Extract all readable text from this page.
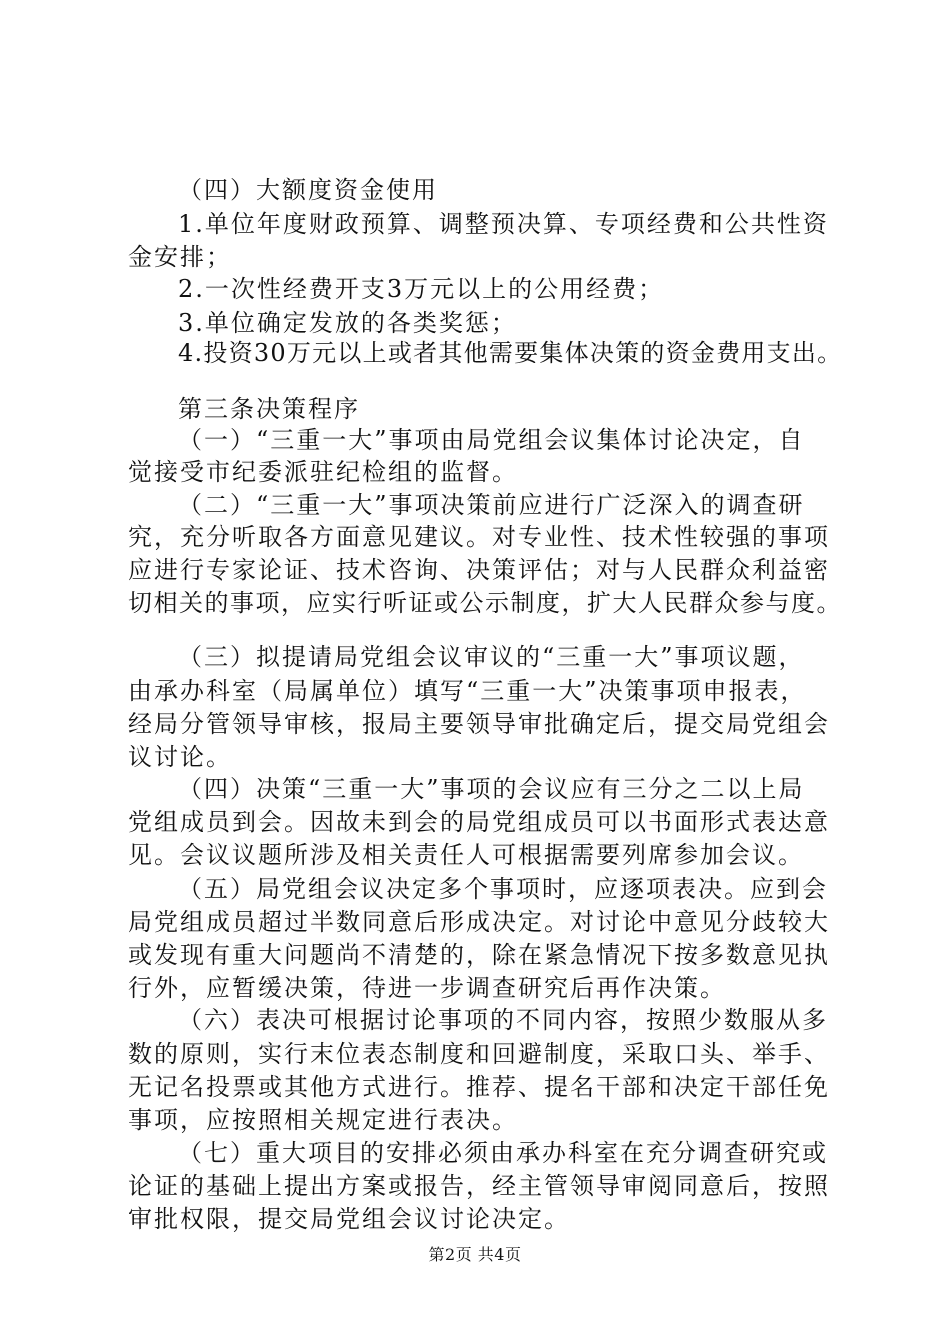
（四）大额度资金使用
1.单位年度财政预算、调整预决算、专项经费和公共性资
金安排；
2.一次性经费开支3万元以上的公用经费；
3.单位确定发放的各类奖惩；
4.投资30万元以上或者其他需要集体决策的资金费用支出。
第三条决策程序
（一）“三重一大”事项由局党组会议集体讨论决定，自
觉接受市纪委派驻纪检组的监督。
（二）“三重一大”事项决策前应进行广泛深入的调查研
究，充分听取各方面意见建议。对专业性、技术性较强的事项
应进行专家论证、技术咨询、决策评估；对与人民群众利益密
切相关的事项，应实行听证或公示制度，扩大人民群众参与度。
（三）拟提请局党组会议审议的“三重一大”事项议题，
由承办科室（局属单位）填写“三重一大”决策事项申报表，
经局分管领导审核，报局主要领导审批确定后，提交局党组会
议讨论。
（四）决策“三重一大”事项的会议应有三分之二以上局
党组成员到会。因故未到会的局党组成员可以书面形式表达意
见。会议议题所涉及相关责任人可根据需要列席参加会议。
（五）局党组会议决定多个事项时，应逐项表决。应到会
局党组成员超过半数同意后形成决定。对讨论中意见分歧较大
或发现有重大问题尚不清楚的，除在紧急情况下按多数意见执
行外，应暂缓决策，待进一步调查研究后再作决策。
（六）表决可根据讨论事项的不同内容，按照少数服从多
数的原则，实行末位表态制度和回避制度，采取口头、举手、
无记名投票或其他方式进行。推荐、提名干部和决定干部任免
事项，应按照相关规定进行表决。
（七）重大项目的安排必须由承办科室在充分调查研究或
论证的基础上提出方案或报告，经主管领导审阅同意后，按照
审批权限，提交局党组会议讨论决定。
第2页 共4页
